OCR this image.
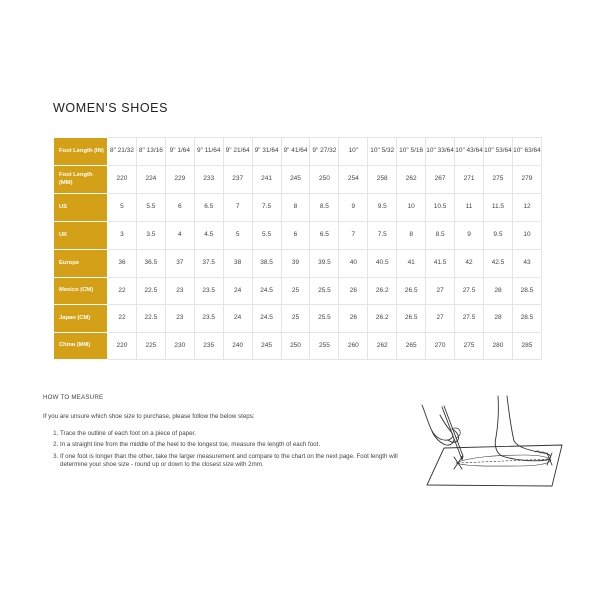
WOMEN'S SHOES
Foot Length (IN)	8" 21/32	8" 13/16	9" 1/64	9" 11/64	9" 21/64	9" 31/64	9" 41/64	9" 27/32	10"	10" 5/32	10" 5/16	10" 33/64	10" 43/64	10" 53/64	10" 63/64
Foot Length (MM)	220	224	229	233	237	241	245	250	254	258	262	267	271	275	279
US	5	5.5	6	6.5	7	7.5	8	8.5	9	9.5	10	10.5	11	11.5	12
UK	3	3.5	4	4.5	5	5.5	6	6.5	7	7.5	8	8.5	9	9.5	10
Europe	36	36.5	37	37.5	38	38.5	39	39.5	40	40.5	41	41.5	42	42.5	43
Mexico (CM)	22	22.5	23	23.5	24	24.5	25	25.5	26	26.2	26.5	27	27.5	28	28.5
Japan (CM)	22	22.5	23	23.5	24	24.5	25	25.5	26	26.2	26.5	27	27.5	28	28.5
China (MM)	220	225	230	235	240	245	250	255	260	262	265	270	275	280	285
HOW TO MEASURE

If you are unsure which shoe size to purchase, please follow the below steps:

1. Trace the outline of each foot on a piece of paper.
2. In a straight line from the middle of the heel to the longest toe, measure the length of each foot.
3. If one foot is longer than the other, take the larger measurement and compare to the chart on the next page. Foot length will determine your shoe size - round up or down to the closest size with 2mm.
